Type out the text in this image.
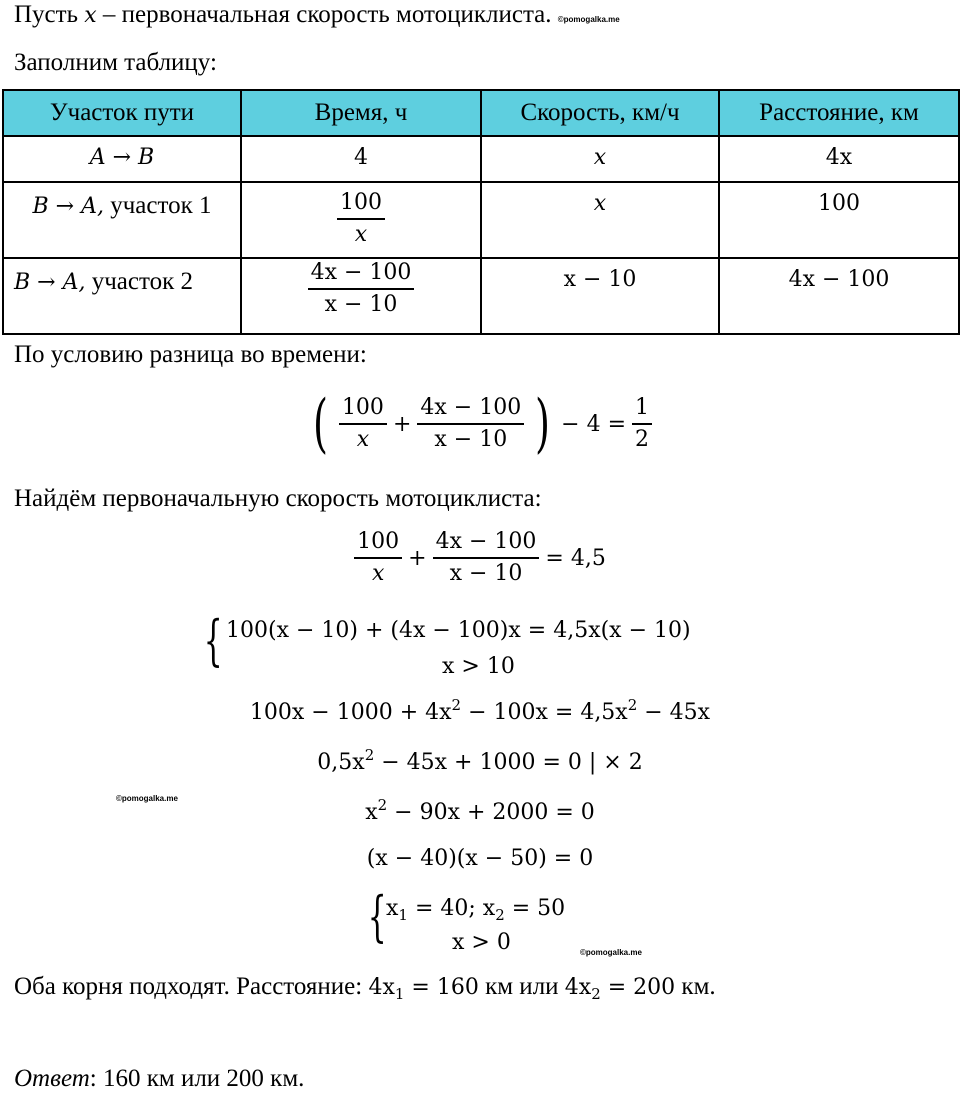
Пусть x – первоначальная скорость мотоциклиста. ©pomogalka.me
Заполним таблицу:
Участок пути	Время, ч	Скорость, км/ч	Расстояние, км

A → B	4	x	4x

B → A, участок 1	$\frac{100}{x}$	x	100

B → A, участок 2	$\frac{4x - 100}{x - 10}$	x − 10	4x − 100
По условию разница во времени:
( $\frac{100}{x} + \frac{4x - 100}{x - 10}$ ) − $4 = \frac{1}{2}$
Найдём первоначальную скорость мотоциклиста:
$\frac{100}{x} + \frac{4x - 100}{x - 10} = 4,5$
{ 100(x − 10) + (4x − 100)x = 4,5x(x − 10)
x > 10
$100x - 1000 + 4x^2 - 100x = 4,5x^2 - 45x$
$0,5x^2 - 45x + 1000 = 0$ | × 2
©pomogalka.me
$x^2 - 90x + 2000 = 0$
(x − 40)(x − 50) = 0
{ $x_1 = 40$; $x_2 = 50$
x > 0	©pomogalka.me
Оба корня подходят. Расстояние: $4x_1 = 160$ км или $4x_2 = 200$ км.
Ответ: 160 км или 200 км.
